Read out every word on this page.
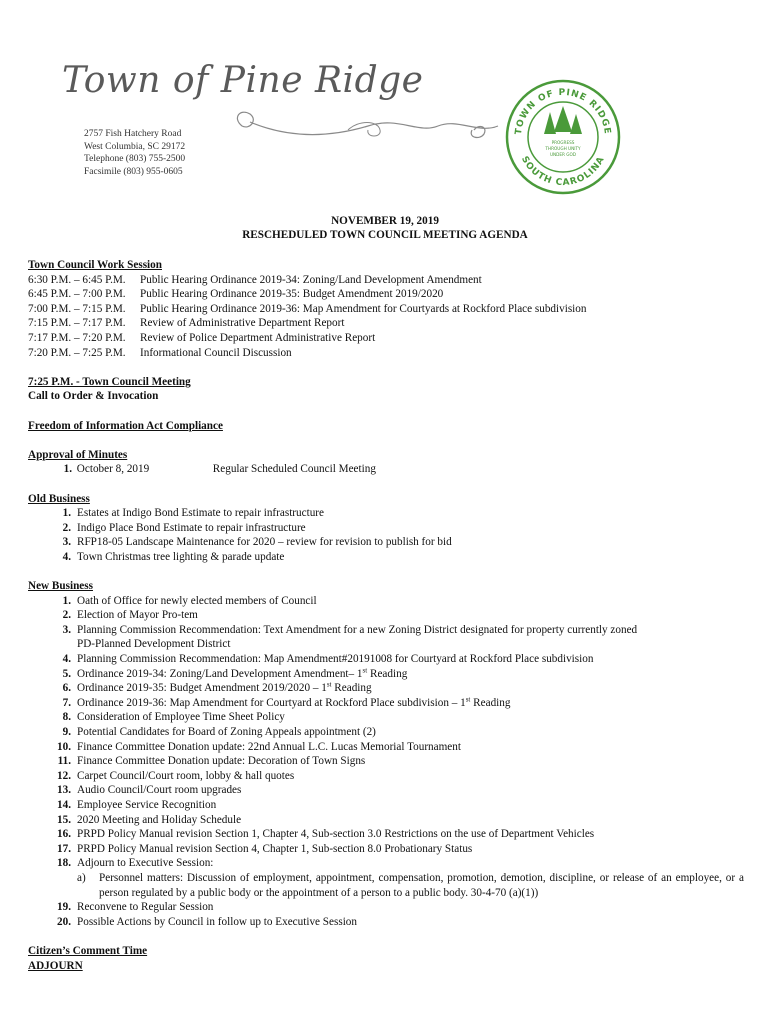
Town of Pine Ridge
2757 Fish Hatchery Road
West Columbia, SC 29172
Telephone (803) 755-2500
Facsimile (803) 955-0605
TOWN OF PINE RIDGE
SOUTH CAROLINA
PROGRESS
THROUGH UNITY
UNDER GOD
NOVEMBER 19, 2019
RESCHEDULED TOWN COUNCIL MEETING AGENDA
Town Council Work Session
6:30 P.M. – 6:45 P.M.	Public Hearing Ordinance 2019-34: Zoning/Land Development Amendment
6:45 P.M. – 7:00 P.M.	Public Hearing Ordinance 2019-35: Budget Amendment 2019/2020
7:00 P.M. – 7:15 P.M.	Public Hearing Ordinance 2019-36: Map Amendment for Courtyards at Rockford Place subdivision
7:15 P.M. – 7:17 P.M.	Review of Administrative Department Report
7:17 P.M. – 7:20 P.M.	Review of Police Department Administrative Report
7:20 P.M. – 7:25 P.M.	Informational Council Discussion
7:25 P.M. - Town Council Meeting
Call to Order & Invocation
Freedom of Information Act Compliance
Approval of Minutes
1.
October 8, 2019	Regular Scheduled Council Meeting
Old Business
1. Estates at Indigo Bond Estimate to repair infrastructure
2. Indigo Place Bond Estimate to repair infrastructure
3. RFP18-05 Landscape Maintenance for 2020 – review for revision to publish for bid
4. Town Christmas tree lighting & parade update
New Business
1. Oath of Office for newly elected members of Council
2. Election of Mayor Pro-tem
3. Planning Commission Recommendation: Text Amendment for a new Zoning District designated for property currently zoned
PD-Planned Development District
4. Planning Commission Recommendation: Map Amendment#20191008 for Courtyard at Rockford Place subdivision
5. Ordinance 2019-34: Zoning/Land Development Amendment– 1st Reading
6. Ordinance 2019-35: Budget Amendment 2019/2020 – 1st Reading
7. Ordinance 2019-36: Map Amendment for Courtyard at Rockford Place subdivision – 1st Reading
8. Consideration of Employee Time Sheet Policy
9. Potential Candidates for Board of Zoning Appeals appointment (2)
10. Finance Committee Donation update: 22nd Annual L.C. Lucas Memorial Tournament
11. Finance Committee Donation update: Decoration of Town Signs
12. Carpet Council/Court room, lobby & hall quotes
13. Audio Council/Court room upgrades
14. Employee Service Recognition
15. 2020 Meeting and Holiday Schedule
16. PRPD Policy Manual revision Section 1, Chapter 4, Sub-section 3.0 Restrictions on the use of Department Vehicles
17. PRPD Policy Manual revision Section 4, Chapter 1, Sub-section 8.0 Probationary Status
18. Adjourn to Executive Session:
a)	Personnel matters: Discussion of employment, appointment, compensation, promotion, demotion, discipline, or release of an employee, or a person regulated by a public body or the appointment of a person to a public body. 30-4-70 (a)(1))
19. Reconvene to Regular Session
20. Possible Actions by Council in follow up to Executive Session
Citizen’s Comment Time
ADJOURN
